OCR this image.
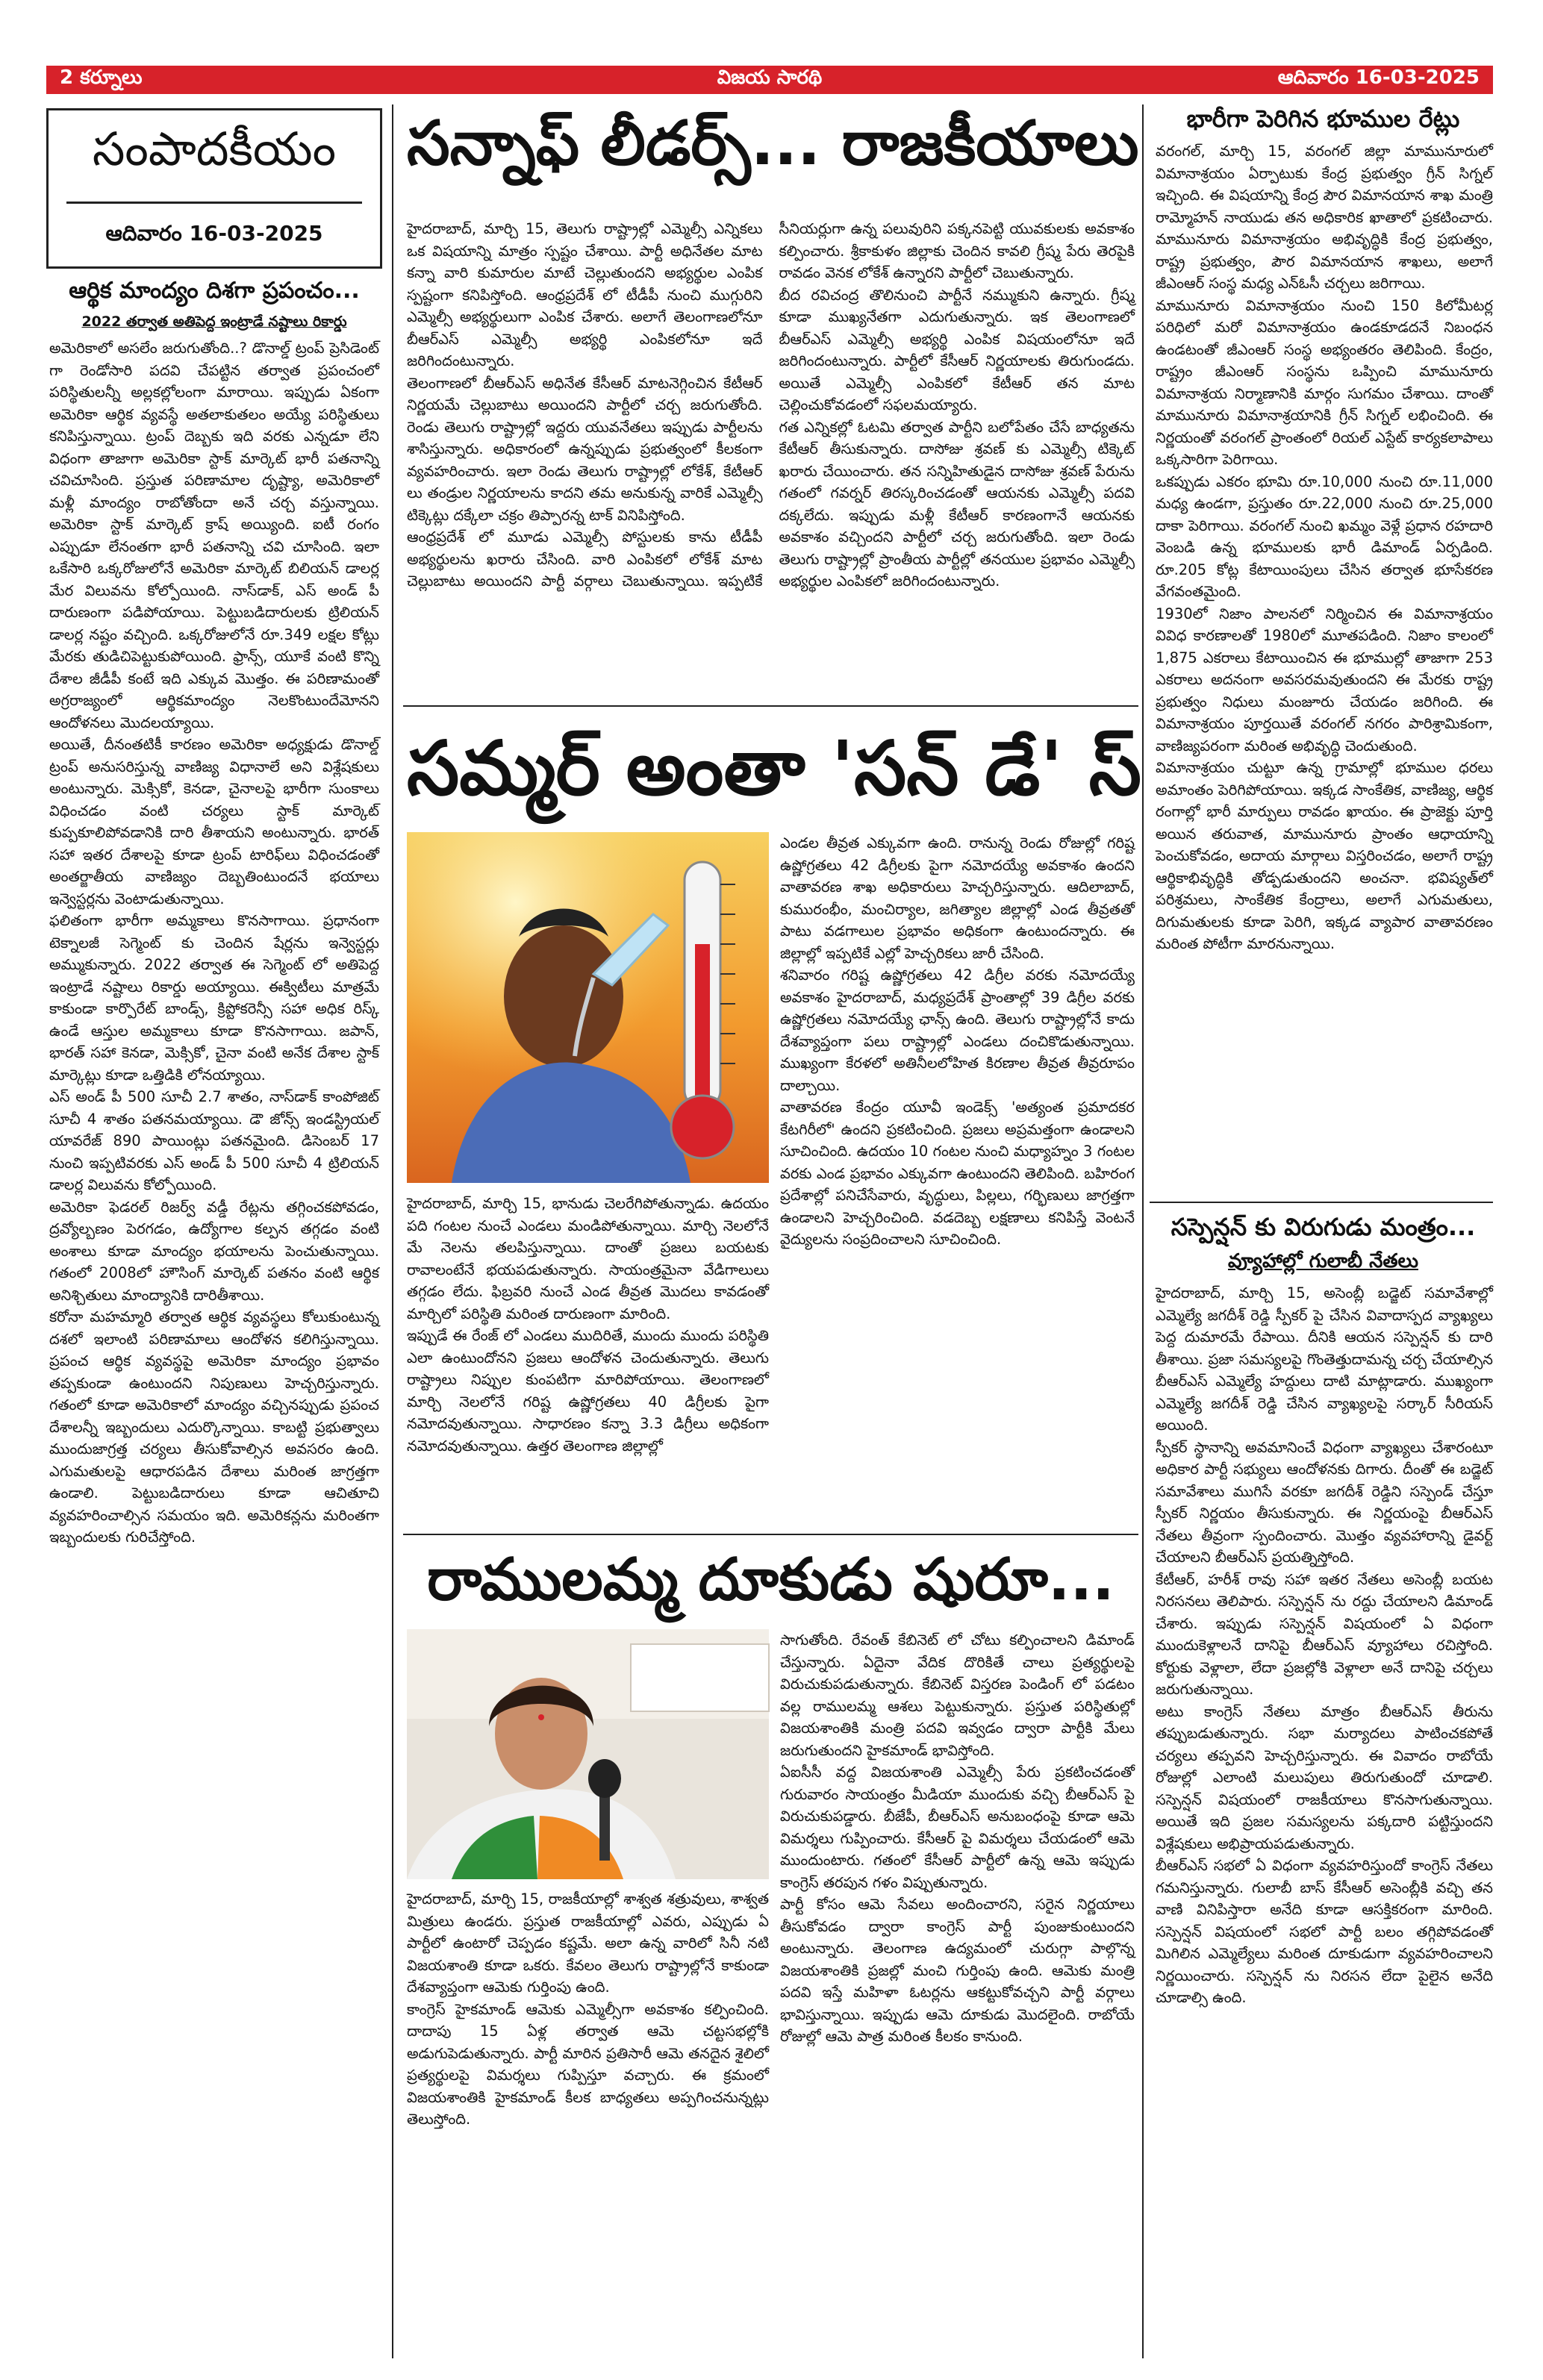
2 కర్నూలు	విజయ సారథి	ఆదివారం 16-03-2025
సంపాదకీయం
ఆదివారం 16-03-2025
ఆర్థిక మాంద్యం దిశగా ప్రపంచం...
2022 తర్వాత అతిపెద్ద ఇంట్రాడే నష్టాలు రికార్డు

అమెరికాలో అసలేం జరుగుతోంది..? డొనాల్డ్ ట్రంప్ ప్రెసిడెంట్ గా రెండోసారి పదవి చేపట్టిన తర్వాత ప్రపంచంలో పరిస్థితులన్నీ అల్లకల్లోలంగా మారాయి. ఇప్పుడు ఏకంగా అమెరికా ఆర్థిక వ్యవస్థే అతలాకుతలం అయ్యే పరిస్థితులు కనిపిస్తున్నాయి. ట్రంప్ దెబ్బకు ఇది వరకు ఎన్నడూ లేని విధంగా తాజాగా అమెరికా స్టాక్ మార్కెట్ భారీ పతనాన్ని చవిచూసింది. ప్రస్తుత పరిణామాల దృష్ట్యా, అమెరికాలో మళ్లీ మాంద్యం రాబోతోందా అనే చర్చ వస్తున్నాయి. అమెరికా స్టాక్ మార్కెట్ క్రాష్ అయ్యింది. ఐటీ రంగం ఎప్పుడూ లేనంతగా భారీ పతనాన్ని చవి చూసింది. ఇలా ఒకేసారి ఒక్కరోజులోనే అమెరికా మార్కెట్ బిలియన్ డాలర్ల మేర విలువను కోల్పోయింది. నాస్‌డాక్, ఎస్ అండ్ పీ దారుణంగా పడిపోయాయి. పెట్టుబడిదారులకు ట్రిలియన్ డాలర్ల నష్టం వచ్చింది. ఒక్కరోజులోనే రూ.349 లక్షల కోట్లు మేరకు తుడిచిపెట్టుకుపోయింది. ఫ్రాన్స్, యూకే వంటి కొన్ని దేశాల జీడీపీ కంటే ఇది ఎక్కువ మొత్తం. ఈ పరిణామంతో అగ్రరాజ్యంలో ఆర్థికమాంద్యం నెలకొంటుందేమోనని ఆందోళనలు మొదలయ్యాయి.

అయితే, దీనంతటికీ కారణం అమెరికా అధ్యక్షుడు డొనాల్డ్ ట్రంప్ అనుసరిస్తున్న వాణిజ్య విధానాలే అని విశ్లేషకులు అంటున్నారు. మెక్సికో, కెనడా, చైనాలపై భారీగా సుంకాలు విధించడం వంటి చర్యలు స్టాక్ మార్కెట్ కుప్పకూలిపోవడానికి దారి తీశాయని అంటున్నారు. భారత్ సహా ఇతర దేశాలపై కూడా ట్రంప్ టారిఫ్‌లు విధించడంతో అంతర్జాతీయ వాణిజ్యం దెబ్బతింటుందనే భయాలు ఇన్వెస్టర్లను వెంటాడుతున్నాయి.

ఫలితంగా భారీగా అమ్మకాలు కొనసాగాయి. ప్రధానంగా టెక్నాలజీ సెగ్మెంట్ కు చెందిన షేర్లను ఇన్వెస్టర్లు అమ్ముకున్నారు. 2022 తర్వాత ఈ సెగ్మెంట్ లో అతిపెద్ద ఇంట్రాడే నష్టాలు రికార్డు అయ్యాయి. ఈక్విటీలు మాత్రమే కాకుండా కార్పొరేట్ బాండ్స్, క్రిప్టోకరెన్సీ సహా అధిక రిస్క్ ఉండే ఆస్తుల అమ్మకాలు కూడా కొనసాగాయి. జపాన్, భారత్ సహా కెనడా, మెక్సికో, చైనా వంటి అనేక దేశాల స్టాక్ మార్కెట్లు కూడా ఒత్తిడికి లోనయ్యాయి.

ఎస్ అండ్ పీ 500 సూచీ 2.7 శాతం, నాస్‌డాక్ కాంపోజిట్ సూచీ 4 శాతం పతనమయ్యాయి. డౌ జోన్స్ ఇండస్ట్రియల్ యావరేజ్ 890 పాయింట్లు పతనమైంది. డిసెంబర్ 17 నుంచి ఇప్పటివరకు ఎస్ అండ్ పీ 500 సూచీ 4 ట్రిలియన్ డాలర్ల విలువను కోల్పోయింది.

అమెరికా ఫెడరల్ రిజర్వ్ వడ్డీ రేట్లను తగ్గించకపోవడం, ద్రవ్యోల్బణం పెరగడం, ఉద్యోగాల కల్పన తగ్గడం వంటి అంశాలు కూడా మాంద్యం భయాలను పెంచుతున్నాయి. గతంలో 2008లో హౌసింగ్ మార్కెట్ పతనం వంటి ఆర్థిక అనిశ్చితులు మాంద్యానికి దారితీశాయి.

కరోనా మహమ్మారి తర్వాత ఆర్థిక వ్యవస్థలు కోలుకుంటున్న దశలో ఇలాంటి పరిణామాలు ఆందోళన కలిగిస్తున్నాయి. ప్రపంచ ఆర్థిక వ్యవస్థపై అమెరికా మాంద్యం ప్రభావం తప్పకుండా ఉంటుందని నిపుణులు హెచ్చరిస్తున్నారు. గతంలో కూడా అమెరికాలో మాంద్యం వచ్చినప్పుడు ప్రపంచ దేశాలన్నీ ఇబ్బందులు ఎదుర్కొన్నాయి. కాబట్టి ప్రభుత్వాలు ముందుజాగ్రత్త చర్యలు తీసుకోవాల్సిన అవసరం ఉంది. ఎగుమతులపై ఆధారపడిన దేశాలు మరింత జాగ్రత్తగా ఉండాలి. పెట్టుబడిదారులు కూడా ఆచితూచి వ్యవహరించాల్సిన సమయం ఇది. అమెరికన్లను మరింతగా ఇబ్బందులకు గురిచేస్తోంది.

సన్నాఫ్ లీడర్స్... రాజకీయాలు

హైదరాబాద్, మార్చి 15, తెలుగు రాష్ట్రాల్లో ఎమ్మెల్సీ ఎన్నికలు ఒక విషయాన్ని మాత్రం స్పష్టం చేశాయి. పార్టీ అధినేతల మాట కన్నా వారి కుమారుల మాటే చెల్లుతుందని అభ్యర్థుల ఎంపిక స్పష్టంగా కనిపిస్తోంది. ఆంధ్రప్రదేశ్ లో టీడీపీ నుంచి ముగ్గురిని ఎమ్మెల్సీ అభ్యర్థులుగా ఎంపిక చేశారు. అలాగే తెలంగాణలోనూ బీఆర్ఎస్ ఎమ్మెల్సీ అభ్యర్థి ఎంపికలోనూ ఇదే జరిగిందంటున్నారు.

తెలంగాణలో బీఆర్ఎస్ అధినేత కేసీఆర్ మాటనెగ్గించిన కేటీఆర్ నిర్ణయమే చెల్లుబాటు అయిందని పార్టీలో చర్చ జరుగుతోంది. రెండు తెలుగు రాష్ట్రాల్లో ఇద్దరు యువనేతలు ఇప్పుడు పార్టీలను శాసిస్తున్నారు. అధికారంలో ఉన్నప్పుడు ప్రభుత్వంలో కీలకంగా వ్యవహరించారు. ఇలా రెండు తెలుగు రాష్ట్రాల్లో లోకేశ్, కేటీఆర్ లు తండ్రుల నిర్ణయాలను కాదని తమ అనుకున్న వారికే ఎమ్మెల్సీ టిక్కెట్లు దక్కేలా చక్రం తిప్పారన్న టాక్ వినిపిస్తోంది.

ఆంధ్రప్రదేశ్ లో మూడు ఎమ్మెల్సీ పోస్టులకు కాను టీడీపీ అభ్యర్థులను ఖరారు చేసింది. వారి ఎంపికలో లోకేశ్ మాట చెల్లుబాటు అయిందని పార్టీ వర్గాలు చెబుతున్నాయి. ఇప్పటికే సీనియర్లుగా ఉన్న పలువురిని పక్కనపెట్టి యువకులకు అవకాశం కల్పించారు. శ్రీకాకుళం జిల్లాకు చెందిన కావలి గ్రీష్మ పేరు తెరపైకి రావడం వెనక లోకేశ్ ఉన్నారని పార్టీలో చెబుతున్నారు.

బీద రవిచంద్ర తొలినుంచి పార్టీనే నమ్ముకుని ఉన్నారు. గ్రీష్మ కూడా ముఖ్యనేతగా ఎదుగుతున్నారు. ఇక తెలంగాణలో బీఆర్ఎస్ ఎమ్మెల్సీ అభ్యర్థి ఎంపిక విషయంలోనూ ఇదే జరిగిందంటున్నారు. పార్టీలో కేసీఆర్ నిర్ణయాలకు తిరుగుండదు. అయితే ఎమ్మెల్సీ ఎంపికలో కేటీఆర్ తన మాట చెల్లించుకోవడంలో సఫలమయ్యారు.

గత ఎన్నికల్లో ఓటమి తర్వాత పార్టీని బలోపేతం చేసే బాధ్యతను కేటీఆర్ తీసుకున్నారు. దాసోజు శ్రవణ్ కు ఎమ్మెల్సీ టిక్కెట్ ఖరారు చేయించారు. తన సన్నిహితుడైన దాసోజు శ్రవణ్ పేరును గతంలో గవర్నర్ తిరస్కరించడంతో ఆయనకు ఎమ్మెల్సీ పదవి దక్కలేదు. ఇప్పుడు మళ్లీ కేటీఆర్ కారణంగానే ఆయనకు అవకాశం వచ్చిందని పార్టీలో చర్చ జరుగుతోంది. ఇలా రెండు తెలుగు రాష్ట్రాల్లో ప్రాంతీయ పార్టీల్లో తనయుల ప్రభావం ఎమ్మెల్సీ అభ్యర్థుల ఎంపికలో జరిగిందంటున్నారు.

సమ్మర్ అంతా 'సన్ డే' స్

ఎండల తీవ్రత ఎక్కువగా ఉంది. రానున్న రెండు రోజుల్లో గరిష్ట ఉష్ణోగ్రతలు 42 డిగ్రీలకు పైగా నమోదయ్యే అవకాశం ఉందని వాతావరణ శాఖ అధికారులు హెచ్చరిస్తున్నారు. ఆదిలాబాద్, కుమురంభీం, మంచిర్యాల, జగిత్యాల జిల్లాల్లో ఎండ తీవ్రతతో పాటు వడగాలుల ప్రభావం అధికంగా ఉంటుందన్నారు. ఈ జిల్లాల్లో ఇప్పటికే ఎల్లో హెచ్చరికలు జారీ చేసింది.

శనివారం గరిష్ట ఉష్ణోగ్రతలు 42 డిగ్రీల వరకు నమోదయ్యే అవకాశం హైదరాబాద్, మధ్యప్రదేశ్ ప్రాంతాల్లో 39 డిగ్రీల వరకు ఉష్ణోగ్రతలు నమోదయ్యే ఛాన్స్ ఉంది. తెలుగు రాష్ట్రాల్లోనే కాదు దేశవ్యాప్తంగా పలు రాష్ట్రాల్లో ఎండలు దంచికొడుతున్నాయి. ముఖ్యంగా కేరళలో అతినీలలోహిత కిరణాల తీవ్రత తీవ్రరూపం దాల్చాయి.

వాతావరణ కేంద్రం యూవీ ఇండెక్స్ 'అత్యంత ప్రమాదకర కేటగిరీలో' ఉందని ప్రకటించింది. ప్రజలు అప్రమత్తంగా ఉండాలని సూచించింది. ఉదయం 10 గంటల నుంచి మధ్యాహ్నం 3 గంటల వరకు ఎండ ప్రభావం ఎక్కువగా ఉంటుందని తెలిపింది. బహిరంగ ప్రదేశాల్లో పనిచేసేవారు, వృద్ధులు, పిల్లలు, గర్భిణులు జాగ్రత్తగా ఉండాలని హెచ్చరించింది. వడదెబ్బ లక్షణాలు కనిపిస్తే వెంటనే వైద్యులను సంప్రదించాలని సూచించింది.

హైదరాబాద్, మార్చి 15, భానుడు చెలరేగిపోతున్నాడు. ఉదయం పది గంటల నుంచే ఎండలు మండిపోతున్నాయి. మార్చి నెలలోనే మే నెలను తలపిస్తున్నాయి. దాంతో ప్రజలు బయటకు రావాలంటేనే భయపడుతున్నారు. సాయంత్రమైనా వేడిగాలులు తగ్గడం లేదు. ఫిబ్రవరి నుంచే ఎండ తీవ్రత మొదలు కావడంతో మార్చిలో పరిస్థితి మరింత దారుణంగా మారింది.

ఇప్పుడే ఈ రేంజ్ లో ఎండలు ముదిరితే, ముందు ముందు పరిస్థితి ఎలా ఉంటుందోనని ప్రజలు ఆందోళన చెందుతున్నారు. తెలుగు రాష్ట్రాలు నిప్పుల కుంపటిగా మారిపోయాయి. తెలంగాణలో మార్చి నెలలోనే గరిష్ట ఉష్ణోగ్రతలు 40 డిగ్రీలకు పైగా నమోదవుతున్నాయి. సాధారణం కన్నా 3.3 డిగ్రీలు అధికంగా నమోదవుతున్నాయి. ఉత్తర తెలంగాణ జిల్లాల్లో

రాములమ్మ దూకుడు షురూ...

సాగుతోంది. రేవంత్ కేబినెట్ లో చోటు కల్పించాలని డిమాండ్ చేస్తున్నారు. ఏదైనా వేదిక దొరికితే చాలు ప్రత్యర్థులపై విరుచుకుపడుతున్నారు. కేబినెట్ విస్తరణ పెండింగ్ లో పడటం వల్ల రాములమ్మ ఆశలు పెట్టుకున్నారు. ప్రస్తుత పరిస్థితుల్లో విజయశాంతికి మంత్రి పదవి ఇవ్వడం ద్వారా పార్టీకి మేలు జరుగుతుందని హైకమాండ్ భావిస్తోంది.

ఏఐసీసీ వద్ద విజయశాంతి ఎమ్మెల్సీ పేరు ప్రకటించడంతో గురువారం సాయంత్రం మీడియా ముందుకు వచ్చి బీఆర్ఎస్ పై విరుచుకుపడ్డారు. బీజేపీ, బీఆర్ఎస్ అనుబంధంపై కూడా ఆమె విమర్శలు గుప్పించారు. కేసీఆర్ పై విమర్శలు చేయడంలో ఆమె ముందుంటారు. గతంలో కేసీఆర్ పార్టీలో ఉన్న ఆమె ఇప్పుడు కాంగ్రెస్ తరపున గళం విప్పుతున్నారు.

పార్టీ కోసం ఆమె సేవలు అందించారని, సరైన నిర్ణయాలు తీసుకోవడం ద్వారా కాంగ్రెస్ పార్టీ పుంజుకుంటుందని అంటున్నారు. తెలంగాణ ఉద్యమంలో చురుగ్గా పాల్గొన్న విజయశాంతికి ప్రజల్లో మంచి గుర్తింపు ఉంది. ఆమెకు మంత్రి పదవి ఇస్తే మహిళా ఓటర్లను ఆకట్టుకోవచ్చని పార్టీ వర్గాలు భావిస్తున్నాయి. ఇప్పుడు ఆమె దూకుడు మొదలైంది. రాబోయే రోజుల్లో ఆమె పాత్ర మరింత కీలకం కానుంది.

హైదరాబాద్, మార్చి 15, రాజకీయాల్లో శాశ్వత శత్రువులు, శాశ్వత మిత్రులు ఉండరు. ప్రస్తుత రాజకీయాల్లో ఎవరు, ఎప్పుడు ఏ పార్టీలో ఉంటారో చెప్పడం కష్టమే. అలా ఉన్న వారిలో సినీ నటి విజయశాంతి కూడా ఒకరు. కేవలం తెలుగు రాష్ట్రాల్లోనే కాకుండా దేశవ్యాప్తంగా ఆమెకు గుర్తింపు ఉంది.

కాంగ్రెస్ హైకమాండ్ ఆమెకు ఎమ్మెల్సీగా అవకాశం కల్పించింది. దాదాపు 15 ఏళ్ల తర్వాత ఆమె చట్టసభల్లోకి అడుగుపెడుతున్నారు. పార్టీ మారిన ప్రతిసారీ ఆమె తనదైన శైలిలో ప్రత్యర్థులపై విమర్శలు గుప్పిస్తూ వచ్చారు. ఈ క్రమంలో విజయశాంతికి హైకమాండ్ కీలక బాధ్యతలు అప్పగించనున్నట్లు తెలుస్తోంది.

భారీగా పెరిగిన భూముల రేట్లు

వరంగల్, మార్చి 15, వరంగల్ జిల్లా మామునూరులో విమానాశ్రయం ఏర్పాటుకు కేంద్ర ప్రభుత్వం గ్రీన్ సిగ్నల్ ఇచ్చింది. ఈ విషయాన్ని కేంద్ర పౌర విమానయాన శాఖ మంత్రి రామ్మోహన్ నాయుడు తన అధికారిక ఖాతాలో ప్రకటించారు. మామునూరు విమానాశ్రయం అభివృద్ధికి కేంద్ర ప్రభుత్వం, రాష్ట్ర ప్రభుత్వం, పౌర విమానయాన శాఖలు, అలాగే జీఎంఆర్ సంస్థ మధ్య ఎన్ఓసీ చర్చలు జరిగాయి.

మామునూరు విమానాశ్రయం నుంచి 150 కిలోమీటర్ల పరిధిలో మరో విమానాశ్రయం ఉండకూడదనే నిబంధన ఉండటంతో జీఎంఆర్ సంస్థ అభ్యంతరం తెలిపింది. కేంద్రం, రాష్ట్రం జీఎంఆర్ సంస్థను ఒప్పించి మామునూరు విమానాశ్రయ నిర్మాణానికి మార్గం సుగమం చేశాయి. దాంతో మామునూరు విమానాశ్రయానికి గ్రీన్ సిగ్నల్ లభించింది. ఈ నిర్ణయంతో వరంగల్ ప్రాంతంలో రియల్ ఎస్టేట్ కార్యకలాపాలు ఒక్కసారిగా పెరిగాయి.

ఒకప్పుడు ఎకరం భూమి రూ.10,000 నుంచి రూ.11,000 మధ్య ఉండగా, ప్రస్తుతం రూ.22,000 నుంచి రూ.25,000 దాకా పెరిగాయి. వరంగల్ నుంచి ఖమ్మం వెళ్లే ప్రధాన రహదారి వెంబడి ఉన్న భూములకు భారీ డిమాండ్ ఏర్పడింది. రూ.205 కోట్ల కేటాయింపులు చేసిన తర్వాత భూసేకరణ వేగవంతమైంది.

1930లో నిజాం పాలనలో నిర్మించిన ఈ విమానాశ్రయం వివిధ కారణాలతో 1980లో మూతపడింది. నిజాం కాలంలో 1,875 ఎకరాలు కేటాయించిన ఈ భూముల్లో తాజాగా 253 ఎకరాలు అదనంగా అవసరమవుతుందని ఈ మేరకు రాష్ట్ర ప్రభుత్వం నిధులు మంజూరు చేయడం జరిగింది. ఈ విమానాశ్రయం పూర్తయితే వరంగల్ నగరం పారిశ్రామికంగా, వాణిజ్యపరంగా మరింత అభివృద్ధి చెందుతుంది.

విమానాశ్రయం చుట్టూ ఉన్న గ్రామాల్లో భూముల ధరలు అమాంతం పెరిగిపోయాయి. ఇక్కడ సాంకేతిక, వాణిజ్య, ఆర్థిక రంగాల్లో భారీ మార్పులు రావడం ఖాయం. ఈ ప్రాజెక్టు పూర్తి అయిన తరువాత, మామునూరు ప్రాంతం ఆధాయాన్ని పెంచుకోవడం, అదాయ మార్గాలు విస్తరించడం, అలాగే రాష్ట్ర ఆర్థికాభివృద్ధికి తోడ్పడుతుందని అంచనా. భవిష్యత్‌లో పరిశ్రమలు, సాంకేతిక కేంద్రాలు, అలాగే ఎగుమతులు, దిగుమతులకు కూడా పెరిగి, ఇక్కడ వ్యాపార వాతావరణం మరింత పోటీగా మారనున్నాయి.

సస్పెన్షన్ కు విరుగుడు మంత్రం...
వ్యూహాల్లో గులాబీ నేతలు

హైదరాబాద్, మార్చి 15, అసెంబ్లీ బడ్జెట్ సమావేశాల్లో ఎమ్మెల్యే జగదీశ్ రెడ్డి స్పీకర్ పై చేసిన వివాదాస్పద వ్యాఖ్యలు పెద్ద దుమారమే రేపాయి. దీనికి ఆయన సస్పెన్షన్ కు దారి తీశాయి. ప్రజా సమస్యలపై గొంతెత్తుదామన్న చర్చ చేయాల్సిన బీఆర్ఎస్ ఎమ్మెల్యే హద్దులు దాటి మాట్లాడారు. ముఖ్యంగా ఎమ్మెల్యే జగదీశ్ రెడ్డి చేసిన వ్యాఖ్యలపై సర్కార్ సీరియస్ అయింది.

స్పీకర్ స్థానాన్ని అవమానించే విధంగా వ్యాఖ్యలు చేశారంటూ అధికార పార్టీ సభ్యులు ఆందోళనకు దిగారు. దీంతో ఈ బడ్జెట్ సమావేశాలు ముగిసే వరకూ జగదీశ్ రెడ్డిని సస్పెండ్ చేస్తూ స్పీకర్ నిర్ణయం తీసుకున్నారు. ఈ నిర్ణయంపై బీఆర్ఎస్ నేతలు తీవ్రంగా స్పందించారు. మొత్తం వ్యవహారాన్ని డైవర్ట్ చేయాలని బీఆర్ఎస్ ప్రయత్నిస్తోంది.

కేటీఆర్, హరీశ్ రావు సహా ఇతర నేతలు అసెంబ్లీ బయట నిరసనలు తెలిపారు. సస్పెన్షన్ ను రద్దు చేయాలని డిమాండ్ చేశారు. ఇప్పుడు సస్పెన్షన్ విషయంలో ఏ విధంగా ముందుకెళ్లాలనే దానిపై బీఆర్ఎస్ వ్యూహాలు రచిస్తోంది. కోర్టుకు వెళ్లాలా, లేదా ప్రజల్లోకి వెళ్లాలా అనే దానిపై చర్చలు జరుగుతున్నాయి.

అటు కాంగ్రెస్ నేతలు మాత్రం బీఆర్ఎస్ తీరును తప్పుబడుతున్నారు. సభా మర్యాదలు పాటించకపోతే చర్యలు తప్పవని హెచ్చరిస్తున్నారు. ఈ వివాదం రాబోయే రోజుల్లో ఎలాంటి మలుపులు తిరుగుతుందో చూడాలి. సస్పెన్షన్ విషయంలో రాజకీయాలు కొనసాగుతున్నాయి. అయితే ఇది ప్రజల సమస్యలను పక్కదారి పట్టిస్తుందని విశ్లేషకులు అభిప్రాయపడుతున్నారు.

బీఆర్ఎస్ సభలో ఏ విధంగా వ్యవహరిస్తుందో కాంగ్రెస్ నేతలు గమనిస్తున్నారు. గులాబీ బాస్ కేసీఆర్ అసెంబ్లీకి వచ్చి తన వాణి వినిపిస్తారా అనేది కూడా ఆసక్తికరంగా మారింది. సస్పెన్షన్ విషయంలో సభలో పార్టీ బలం తగ్గిపోవడంతో మిగిలిన ఎమ్మెల్యేలు మరింత దూకుడుగా వ్యవహరించాలని నిర్ణయించారు. సస్పెన్షన్ ను నిరసన లేదా పైలైన అనేది చూడాల్సి ఉంది.
